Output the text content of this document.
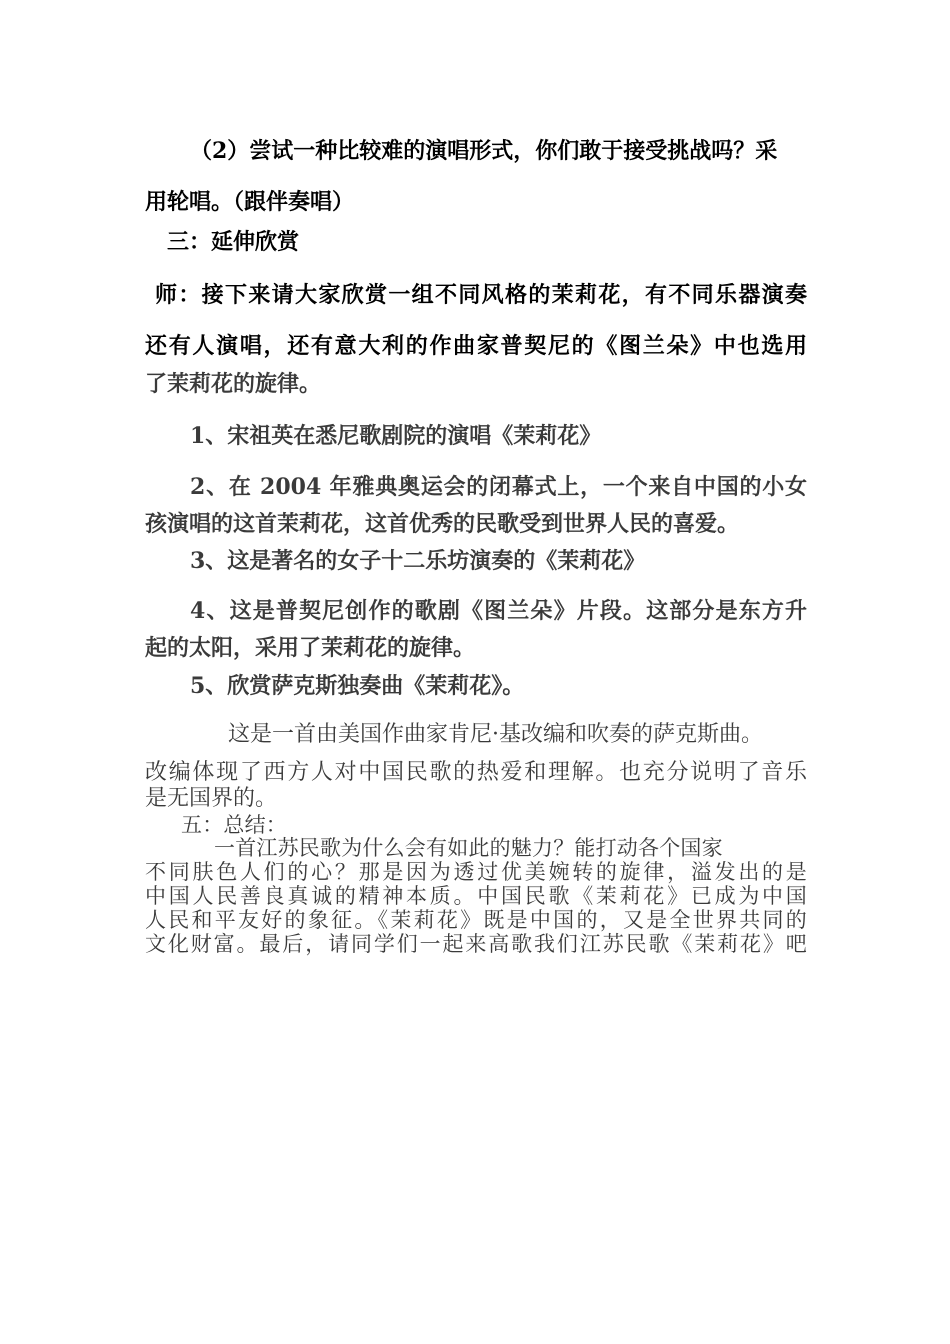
（2）尝试一种比较难的演唱形式，你们敢于接受挑战吗？采
用轮唱。（跟伴奏唱）
三：延伸欣赏
师：接下来请大家欣赏一组不同风格的茉莉花，有不同乐器演奏
还有人演唱，还有意大利的作曲家普契尼的《图兰朵》中也选用
了茉莉花的旋律。
1、宋祖英在悉尼歌剧院的演唱《茉莉花》
2、在 2004 年雅典奥运会的闭幕式上，一个来自中国的小女
孩演唱的这首茉莉花，这首优秀的民歌受到世界人民的喜爱。
3、这是著名的女子十二乐坊演奏的《茉莉花》
4、这是普契尼创作的歌剧《图兰朵》片段。这部分是东方升
起的太阳，采用了茉莉花的旋律。
5、欣赏萨克斯独奏曲《茉莉花》。
这是一首由美国作曲家肯尼·基改编和吹奏的萨克斯曲。
改编体现了西方人对中国民歌的热爱和理解。也充分说明了音乐
是无国界的。
五：总结：
一首江苏民歌为什么会有如此的魅力？能打动各个国家
不同肤色人们的心？那是因为透过优美婉转的旋律，溢发出的是
中国人民善良真诚的精神本质。中国民歌《茉莉花》已成为中国
人民和平友好的象征。《茉莉花》既是中国的，又是全世界共同的
文化财富。最后，请同学们一起来高歌我们江苏民歌《茉莉花》吧
